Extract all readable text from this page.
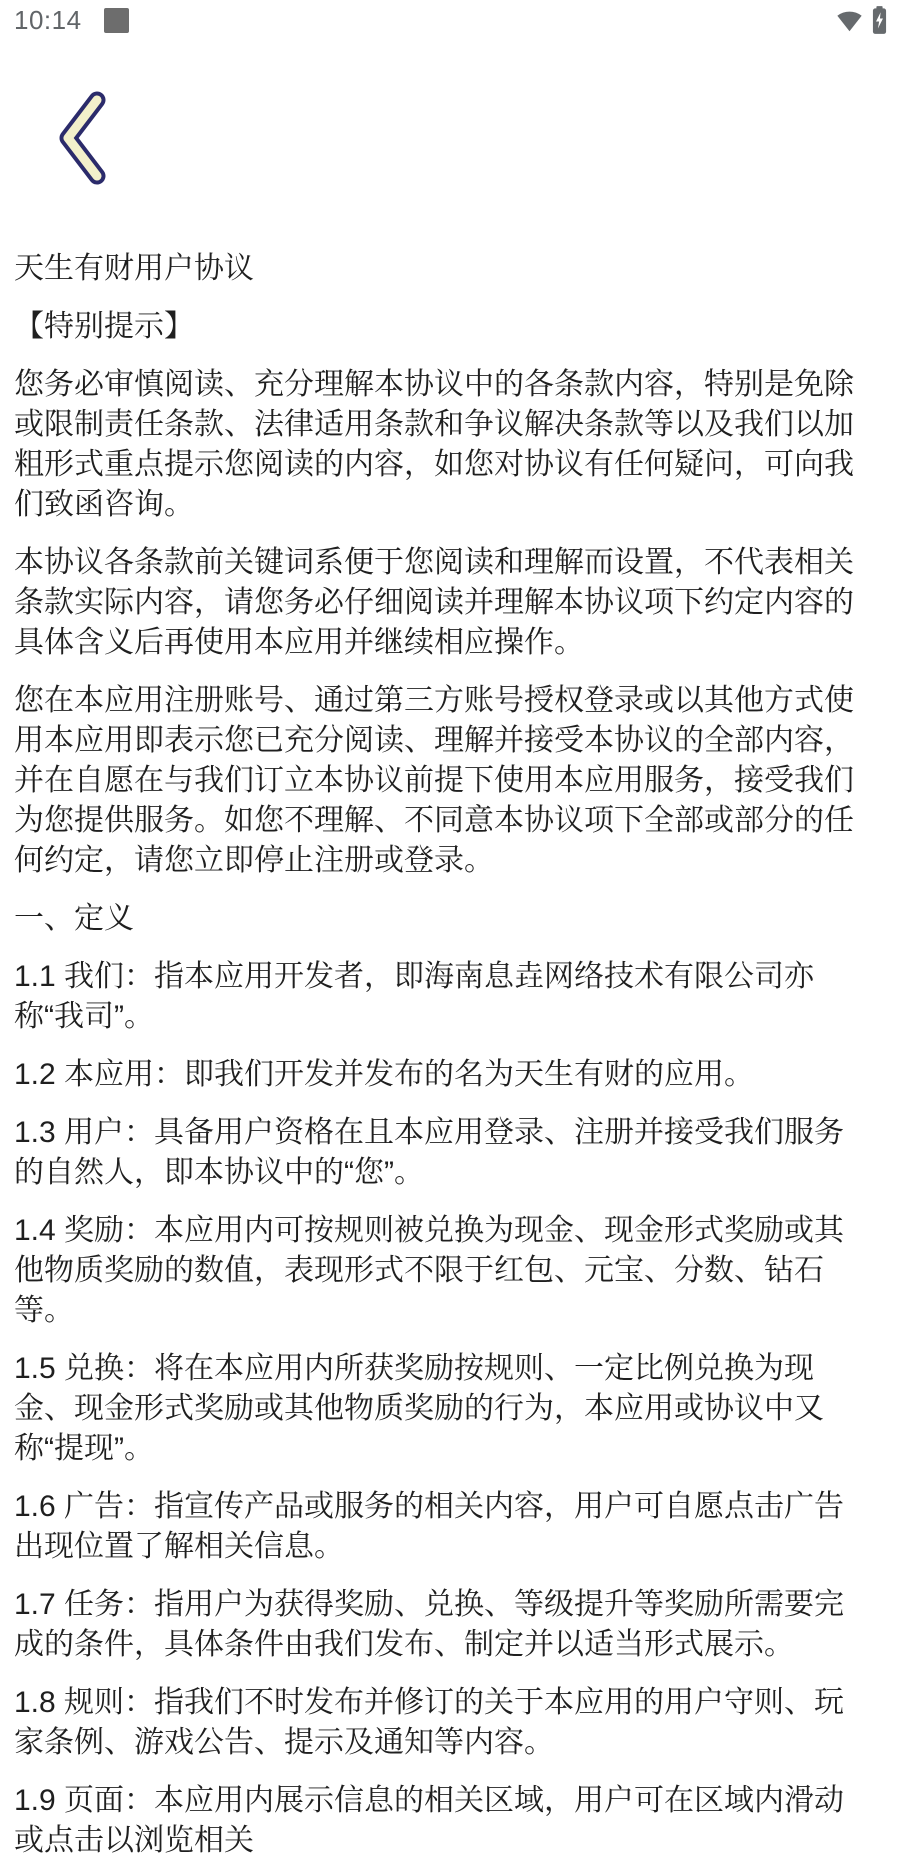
10:14

天生有财用户协议

【特别提示】

您务必审慎阅读、充分理解本协议中的各条款内容，特别是免除或限制责任条款、法律适用条款和争议解决条款等以及我们以加粗形式重点提示您阅读的内容，如您对协议有任何疑问，可向我们致函咨询。

本协议各条款前关键词系便于您阅读和理解而设置，不代表相关条款实际内容，请您务必仔细阅读并理解本协议项下约定内容的具体含义后再使用本应用并继续相应操作。

您在本应用注册账号、通过第三方账号授权登录或以其他方式使用本应用即表示您已充分阅读、理解并接受本协议的全部内容，并在自愿在与我们订立本协议前提下使用本应用服务，接受我们为您提供服务。如您不理解、不同意本协议项下全部或部分的任何约定，请您立即停止注册或登录。

一、定义

1.1 我们：指本应用开发者，即海南息垚网络技术有限公司亦称“我司”。

1.2 本应用：即我们开发并发布的名为天生有财的应用。

1.3 用户：具备用户资格在且本应用登录、注册并接受我们服务的自然人，即本协议中的“您”。

1.4 奖励：本应用内可按规则被兑换为现金、现金形式奖励或其他物质奖励的数值，表现形式不限于红包、元宝、分数、钻石等。

1.5 兑换：将在本应用内所获奖励按规则、一定比例兑换为现金、现金形式奖励或其他物质奖励的行为，本应用或协议中又称“提现”。

1.6 广告：指宣传产品或服务的相关内容，用户可自愿点击广告出现位置了解相关信息。

1.7 任务：指用户为获得奖励、兑换、等级提升等奖励所需要完成的条件，具体条件由我们发布、制定并以适当形式展示。

1.8 规则：指我们不时发布并修订的关于本应用的用户守则、玩家条例、游戏公告、提示及通知等内容。

1.9 页面：本应用内展示信息的相关区域，用户可在区域内滑动或点击以浏览相关
